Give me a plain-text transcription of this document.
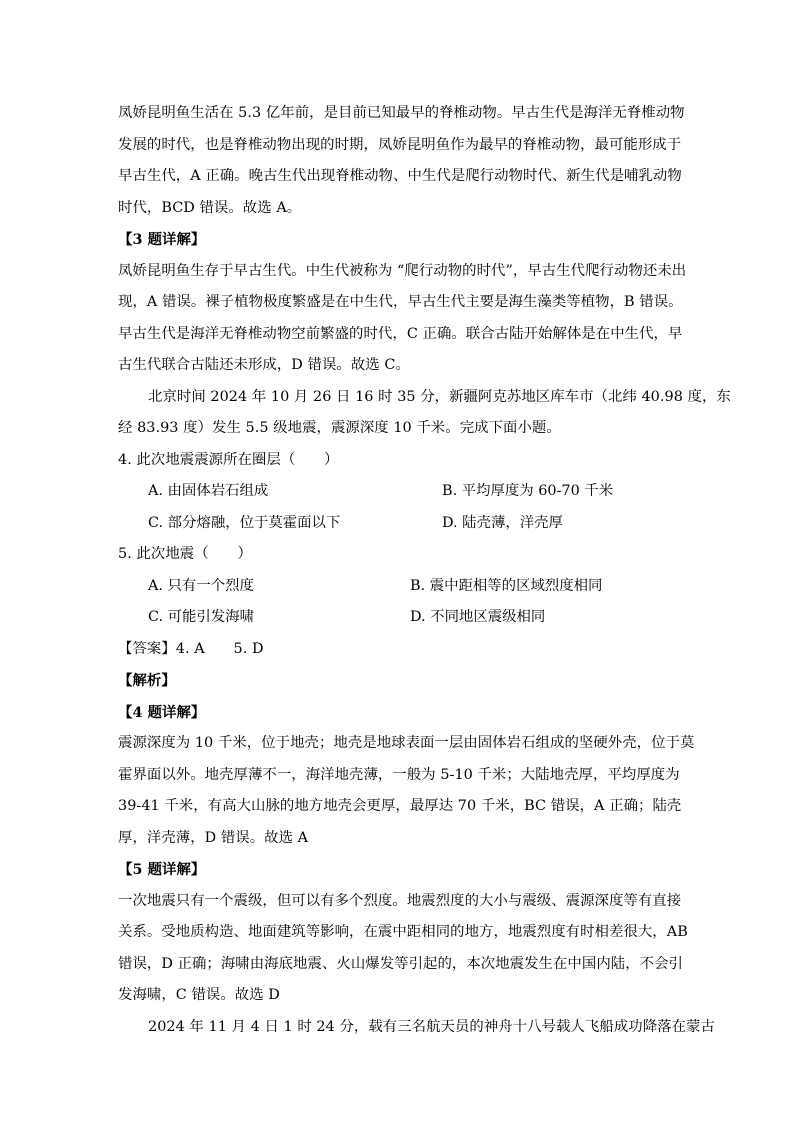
凤娇昆明鱼生活在 5.3 亿年前，是目前已知最早的脊椎动物。早古生代是海洋无脊椎动物

发展的时代，也是脊椎动物出现的时期，凤娇昆明鱼作为最早的脊椎动物，最可能形成于

早古生代，A 正确。晚古生代出现脊椎动物、中生代是爬行动物时代、新生代是哺乳动物

时代，BCD 错误。故选 A。

【3 题详解】

凤娇昆明鱼生存于早古生代。中生代被称为 “爬行动物的时代”，早古生代爬行动物还未出

现，A 错误。裸子植物极度繁盛是在中生代，早古生代主要是海生藻类等植物，B 错误。

早古生代是海洋无脊椎动物空前繁盛的时代，C 正确。联合古陆开始解体是在中生代，早

古生代联合古陆还未形成，D 错误。故选 C。

北京时间 2024 年 10 月 26 日 16 时 35 分，新疆阿克苏地区库车市（北纬 40.98 度，东

经 83.93 度）发生 5.5 级地震，震源深度 10 千米。完成下面小题。

4. 此次地震震源所在圈层（　　）

A. 由固体岩石组成	B. 平均厚度为 60-70 千米
C. 部分熔融，位于莫霍面以下	D. 陆壳薄，洋壳厚

5. 此次地震（　　）

A. 只有一个烈度	B. 震中距相等的区域烈度相同
C. 可能引发海啸	D. 不同地区震级相同

【答案】4. A　　5. D

【解析】

【4 题详解】

震源深度为 10 千米，位于地壳；地壳是地球表面一层由固体岩石组成的坚硬外壳，位于莫

霍界面以外。地壳厚薄不一，海洋地壳薄，一般为 5-10 千米；大陆地壳厚，平均厚度为

39-41 千米，有高大山脉的地方地壳会更厚，最厚达 70 千米，BC 错误，A 正确；陆壳

厚，洋壳薄，D 错误。故选 A

【5 题详解】

一次地震只有一个震级，但可以有多个烈度。地震烈度的大小与震级、震源深度等有直接

关系。受地质构造、地面建筑等影响，在震中距相同的地方，地震烈度有时相差很大，AB

错误，D 正确；海啸由海底地震、火山爆发等引起的，本次地震发生在中国内陆，不会引

发海啸，C 错误。故选 D

2024 年 11 月 4 日 1 时 24 分，载有三名航天员的神舟十八号载人飞船成功降落在蒙古
